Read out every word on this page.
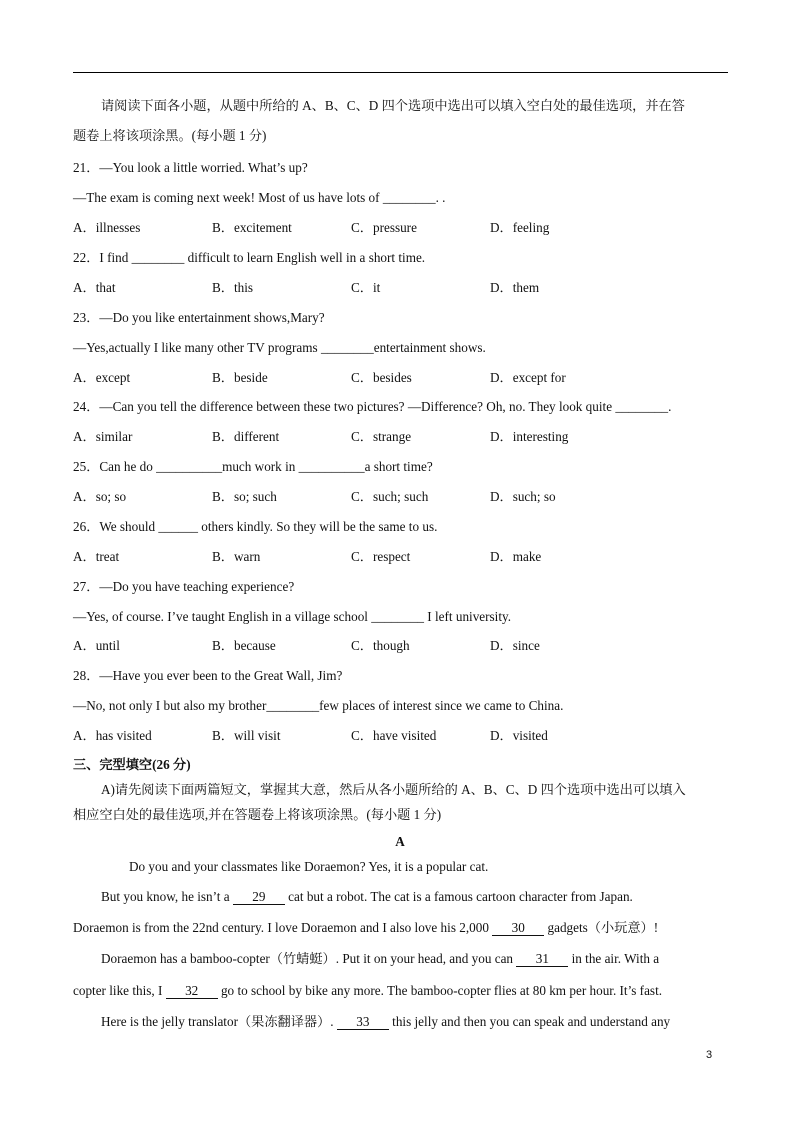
请阅读下面各小题，从题中所给的 A、B、C、D 四个选项中选出可以填入空白处的最佳选项，并在答
题卷上将该项涂黑。(每小题 1 分)
21．—You look a little worried. What’s up?
—The exam is coming next week! Most of us have lots of ________. .
A．illnesses	B．excitement	C．pressure	D．feeling
22．I find ________ difficult to learn English well in a short time.
A．that	B．this	C．it	D．them
23．—Do you like entertainment shows,Mary?
—Yes,actually I like many other TV programs ________entertainment shows.
A．except	B．beside	C．besides	D．except for
24．—Can you tell the difference between these two pictures? —Difference? Oh, no. They look quite ________.
A．similar	B．different	C．strange	D．interesting
25．Can he do __________much work in __________a short time?
A．so; so	B．so; such	C．such; such	D．such; so
26．We should ______ others kindly. So they will be the same to us.
A．treat	B．warn	C．respect	D．make
27．—Do you have teaching experience?
—Yes, of course. I’ve taught English in a village school ________ I left university.
A．until	B．because	C．though	D．since
28．—Have you ever been to the Great Wall, Jim?
—No, not only I but also my brother________few places of interest since we came to China.
A．has visited	B．will visit	C．have visited	D．visited
三、完型填空(26 分)
A)请先阅读下面两篇短文，掌握其大意，然后从各小题所给的 A、B、C、D 四个选项中选出可以填入
相应空白处的最佳选项,并在答题卷上将该项涂黑。(每小题 1 分)
A
Do you and your classmates like Doraemon? Yes, it is a popular cat.
But you know, he isn’t a 29 cat but a robot. The cat is a famous cartoon character from Japan.
Doraemon is from the 22nd century. I love Doraemon and I also love his 2,000 30 gadgets（小玩意）!
Doraemon has a bamboo-copter（竹蜻蜓）. Put it on your head, and you can 31 in the air. With a
copter like this, I 32 go to school by bike any more. The bamboo-copter flies at 80 km per hour. It’s fast.
Here is the jelly translator（果冻翻译器）. 33 this jelly and then you can speak and understand any
3
